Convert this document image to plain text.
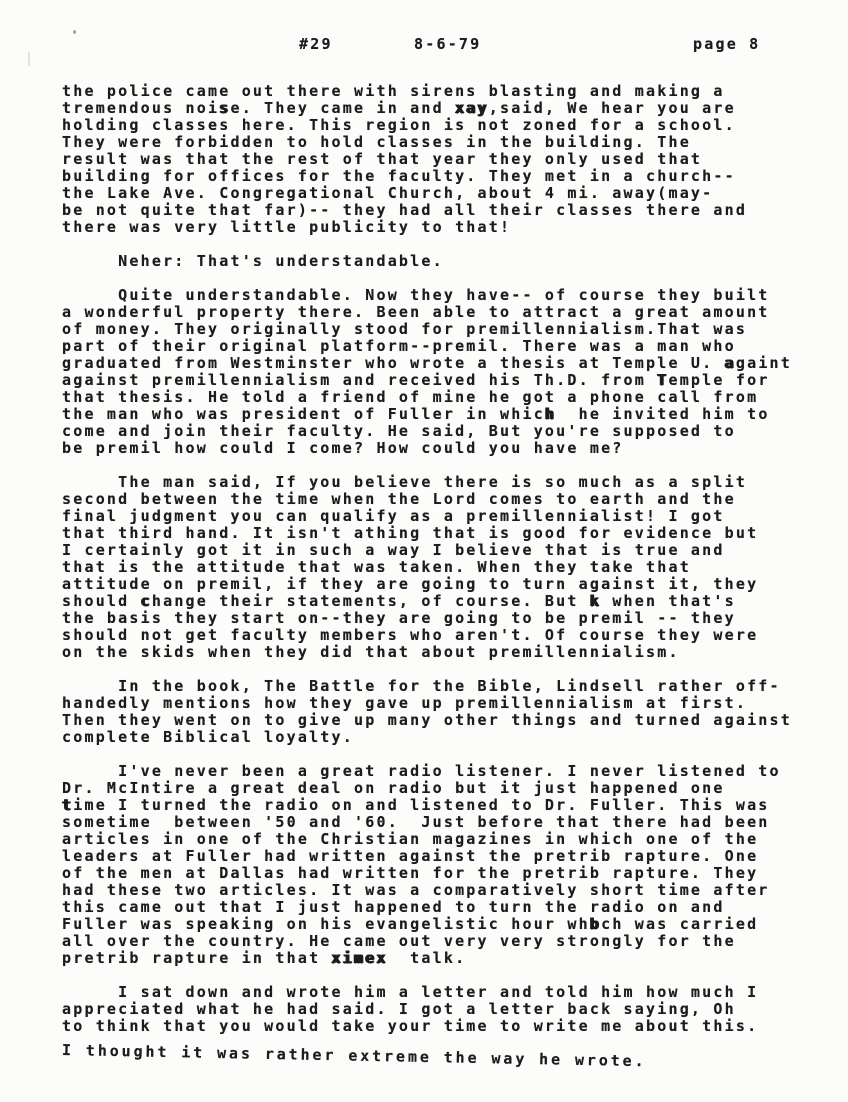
#29	8-6-79	page 8
the police came out there with sirens blasting and making a
tremendous noise. They came in and xay,said, We hear you are
holding classes here. This region is not zoned for a school.
They were forbidden to hold classes in the building. The
result was that the rest of that year they only used that
building for offices for the faculty. They met in a church--
the Lake Ave. Congregational Church, about 4 mi. away(may-
be not quite that far)-- they had all their classes there and
there was very little publicity to that!
Neher: That's understandable.
Quite understandable. Now they have-- of course they built
a wonderful property there. Been able to attract a great amount
of money. They originally stood for premillennialism.That was
part of their original platform--premil. There was a man who
graduated from Westminster who wrote a thesis at Temple U. againt
against premillennialism and received his Th.D. from Temple for
that thesis. He told a friend of mine he got a phone call from
the man who was president of Fuller in which  he invited him to
come and join their faculty. He said, But you're supposed to
be premil how could I come? How could you have me?
The man said, If you believe there is so much as a split
second between the time when the Lord comes to earth and the
final judgment you can qualify as a premillennialist! I got
that third hand. It isn't athing that is good for evidence but
I certainly got it in such a way I believe that is true and
that is the attitude that was taken. When they take that
attitude on premil, if they are going to turn against it, they
should change their statements, of course. But k when that's
the basis they start on--they are going to be premil -- they
should not get faculty members who aren't. Of course they were
on the skids when they did that about premillennialism.
In the book, The Battle for the Bible, Lindsell rather off-
handedly mentions how they gave up premillennialism at first.
Then they went on to give up many other things and turned against
complete Biblical loyalty.
I've never been a great radio listener. I never listened to
Dr. McIntire a great deal on radio but it just happened one
time I turned the radio on and listened to Dr. Fuller. This was
sometime  between '50 and '60.  Just before that there had been
articles in one of the Christian magazines in which one of the
leaders at Fuller had written against the pretrib rapture. One
of the men at Dallas had written for the pretrib rapture. They
had these two articles. It was a comparatively short time after
this came out that I just happened to turn the radio on and
Fuller was speaking on his evangelistic hour whbch was carried
all over the country. He came out very very strongly for the
pretrib rapture in that ximex  talk.
I sat down and wrote him a letter and told him how much I
appreciated what he had said. I got a letter back saying, Oh
to think that you would take your time to write me about this.
I thought it was rather extreme the way he wrote.
